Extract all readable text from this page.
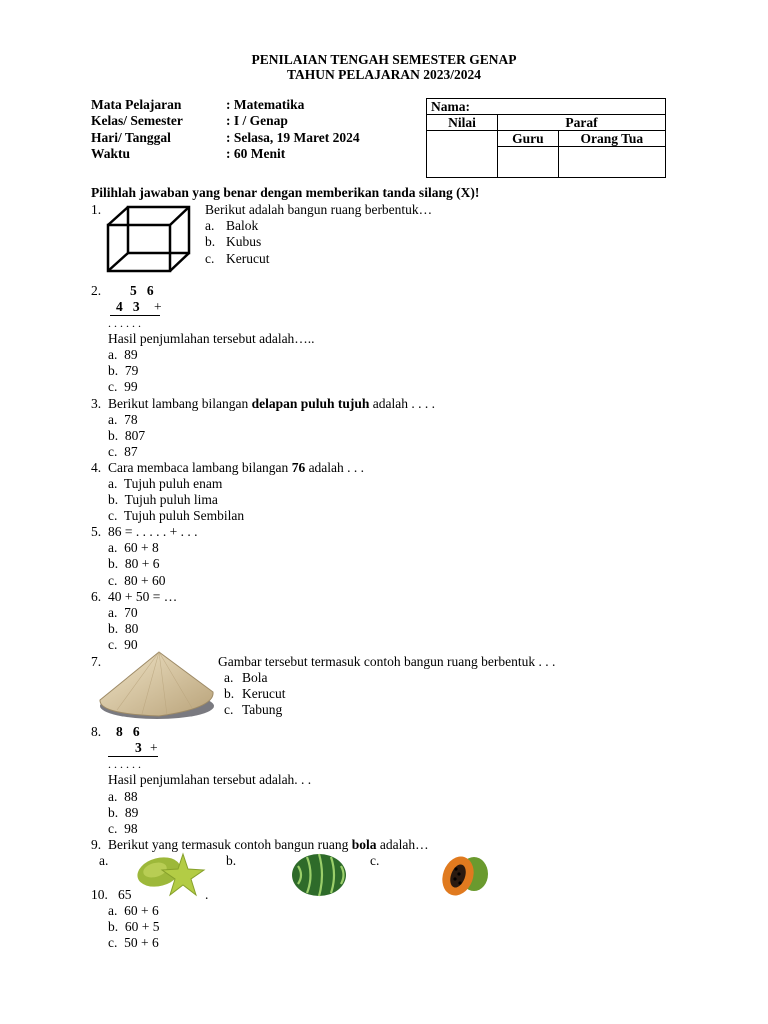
PENILAIAN TENGAH SEMESTER GENAP
TAHUN PELAJARAN 2023/2024
Mata Pelajaran	: Matematika
Kelas/ Semester	: I / Genap
Hari/ Tanggal	: Selasa, 19 Maret 2024
Waktu	: 60 Menit
Nama:		
Nilai	Paraf	
	Guru	Orang Tua

Pilihlah jawaban yang benar dengan memberikan tanda silang (X)!
1.	Berikut adalah bangun ruang berbentuk…
a. Balok
b. Kubus
c. Kerucut
2. 5   6
4   3 +
. . . . . .
Hasil penjumlahan tersebut adalah…..
a.  89
b.  79
c.  99
3. Berikut lambang bilangan delapan puluh tujuh adalah . . . .
a.  78
b.  807
c.  87
4. Cara membaca lambang bilangan 76 adalah . . .
a.  Tujuh puluh enam
b.  Tujuh puluh lima
c.  Tujuh puluh Sembilan
5. 86 = . . . . . + . . .
a.  60 + 8
b.  80 + 6
c.  80 + 60
6. 40 + 50 = …
a.  70
b.  80
c.  90
7.	Gambar tersebut termasuk contoh bangun ruang berbentuk . . .
a. Bola
b. Kerucut
c. Tabung
8. 8   6
3 +
. . . . . .
Hasil penjumlahan tersebut adalah. . .
a.  88
b.  89
c.  98
9. Berikut yang termasuk contoh bangun ruang bola adalah…
a.	b.	c.
10. 65	.
a.  60 + 6
b.  60 + 5
c.  50 + 6
